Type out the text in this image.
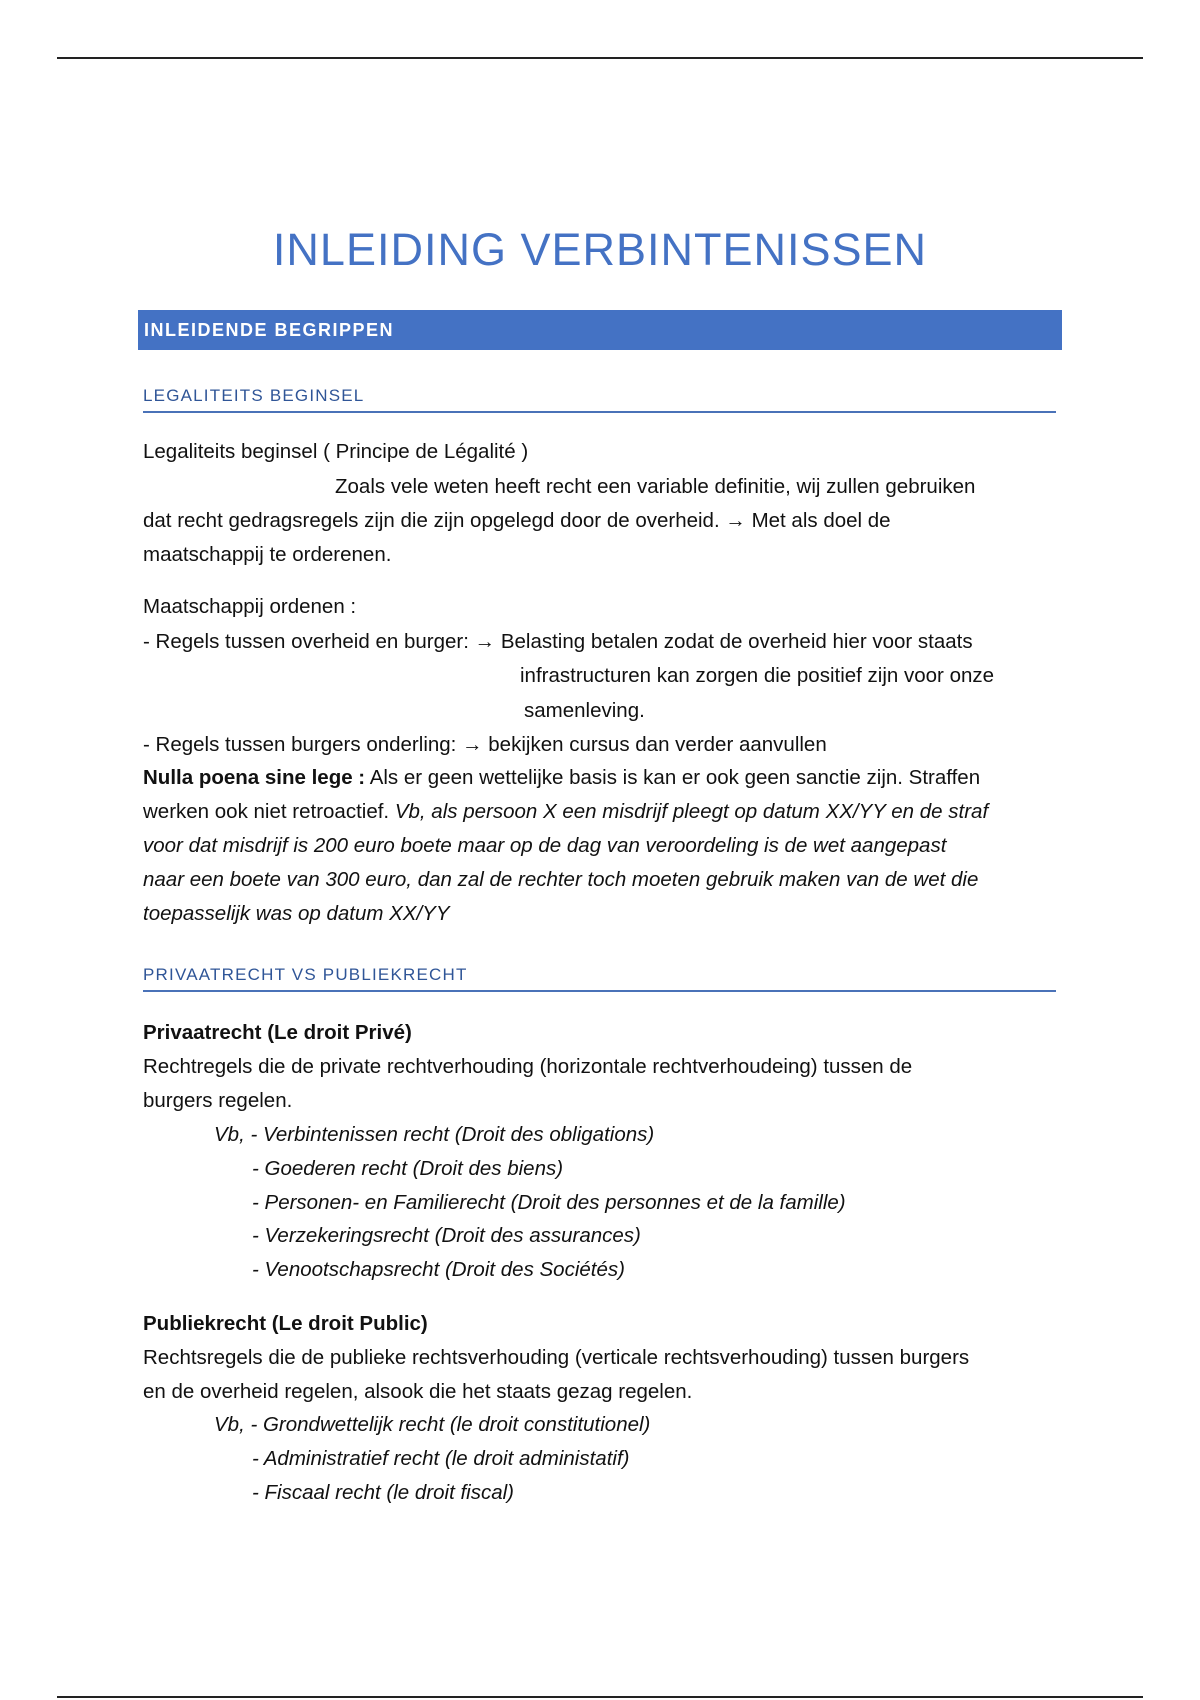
INLEIDING VERBINTENISSEN
INLEIDENDE BEGRIPPEN
LEGALITEITS BEGINSEL
Legaliteits beginsel ( Principe de Légalité )
Zoals vele weten heeft recht een variable definitie, wij zullen gebruiken
dat recht gedragsregels zijn die zijn opgelegd door de overheid. → Met als doel de
maatschappij te orderenen.
Maatschappij ordenen :
- Regels tussen overheid en burger: → Belasting betalen zodat de overheid hier voor staats
infrastructuren kan zorgen die positief zijn voor onze
samenleving.
- Regels tussen burgers onderling: → bekijken cursus dan verder aanvullen
Nulla poena sine lege : Als er geen wettelijke basis is kan er ook geen sanctie zijn. Straffen
werken ook niet retroactief. Vb, als persoon X een misdrijf pleegt op datum XX/YY en de straf
voor dat misdrijf is 200 euro boete maar op de dag van veroordeling is de wet aangepast
naar een boete van 300 euro, dan zal de rechter toch moeten gebruik maken van de wet die
toepasselijk was op datum XX/YY
PRIVAATRECHT VS PUBLIEKRECHT
Privaatrecht (Le droit Privé)
Rechtregels die de private rechtverhouding (horizontale rechtverhoudeing) tussen de
burgers regelen.
Vb, - Verbintenissen recht (Droit des obligations)
- Goederen recht (Droit des biens)
- Personen- en Familierecht (Droit des personnes et de la famille)
- Verzekeringsrecht (Droit des assurances)
- Venootschapsrecht (Droit des Sociétés)
Publiekrecht (Le droit Public)
Rechtsregels die de publieke rechtsverhouding (verticale rechtsverhouding) tussen burgers
en de overheid regelen, alsook die het staats gezag regelen.
Vb, - Grondwettelijk recht (le droit constitutionel)
- Administratief recht (le droit administatif)
- Fiscaal recht (le droit fiscal)
